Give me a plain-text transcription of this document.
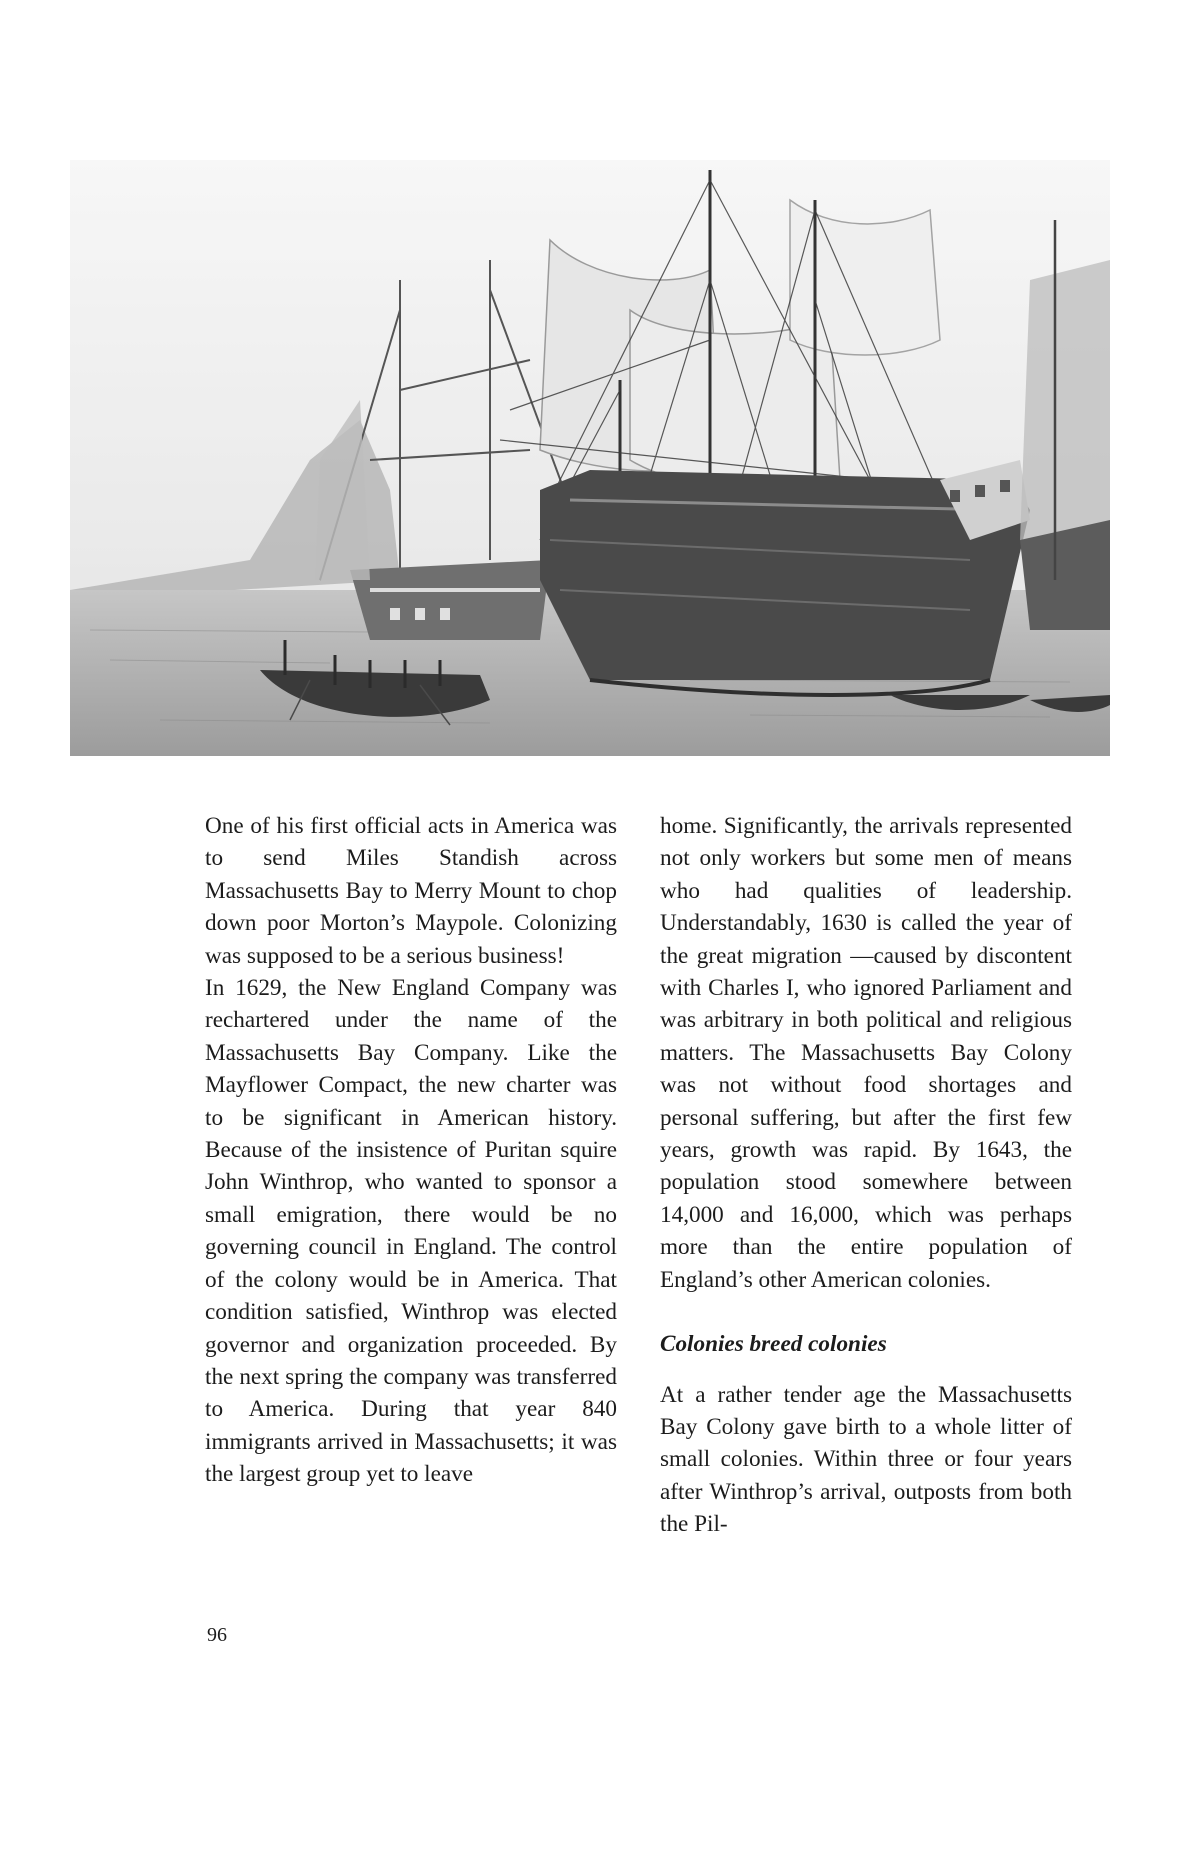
One of his first official acts in America was to send Miles Standish across Massachusetts Bay to Merry Mount to chop down poor Morton’s Maypole. Colonizing was supposed to be a serious business!

In 1629, the New England Company was rechartered under the name of the Massachusetts Bay Company. Like the Mayflower Compact, the new charter was to be significant in American history. Because of the insistence of Puritan squire John Winthrop, who wanted to sponsor a small emigration, there would be no governing council in England. The control of the colony would be in America. That condition satisfied, Winthrop was elected governor and organization proceeded. By the next spring the company was transferred to America. During that year 840 immigrants arrived in Massachusetts; it was the largest group yet to leave

home. Significantly, the arrivals represented not only workers but some men of means who had qualities of leadership. Understandably, 1630 is called the year of the great migration —caused by discontent with Charles I, who ignored Parliament and was arbitrary in both political and religious matters. The Massachusetts Bay Colony was not without food shortages and personal suffering, but after the first few years, growth was rapid. By 1643, the population stood somewhere between 14,000 and 16,000, which was perhaps more than the entire population of England’s other American colonies.

Colonies breed colonies

At a rather tender age the Massachusetts Bay Colony gave birth to a whole litter of small colonies. Within three or four years after Winthrop’s arrival, outposts from both the Pil-

96
